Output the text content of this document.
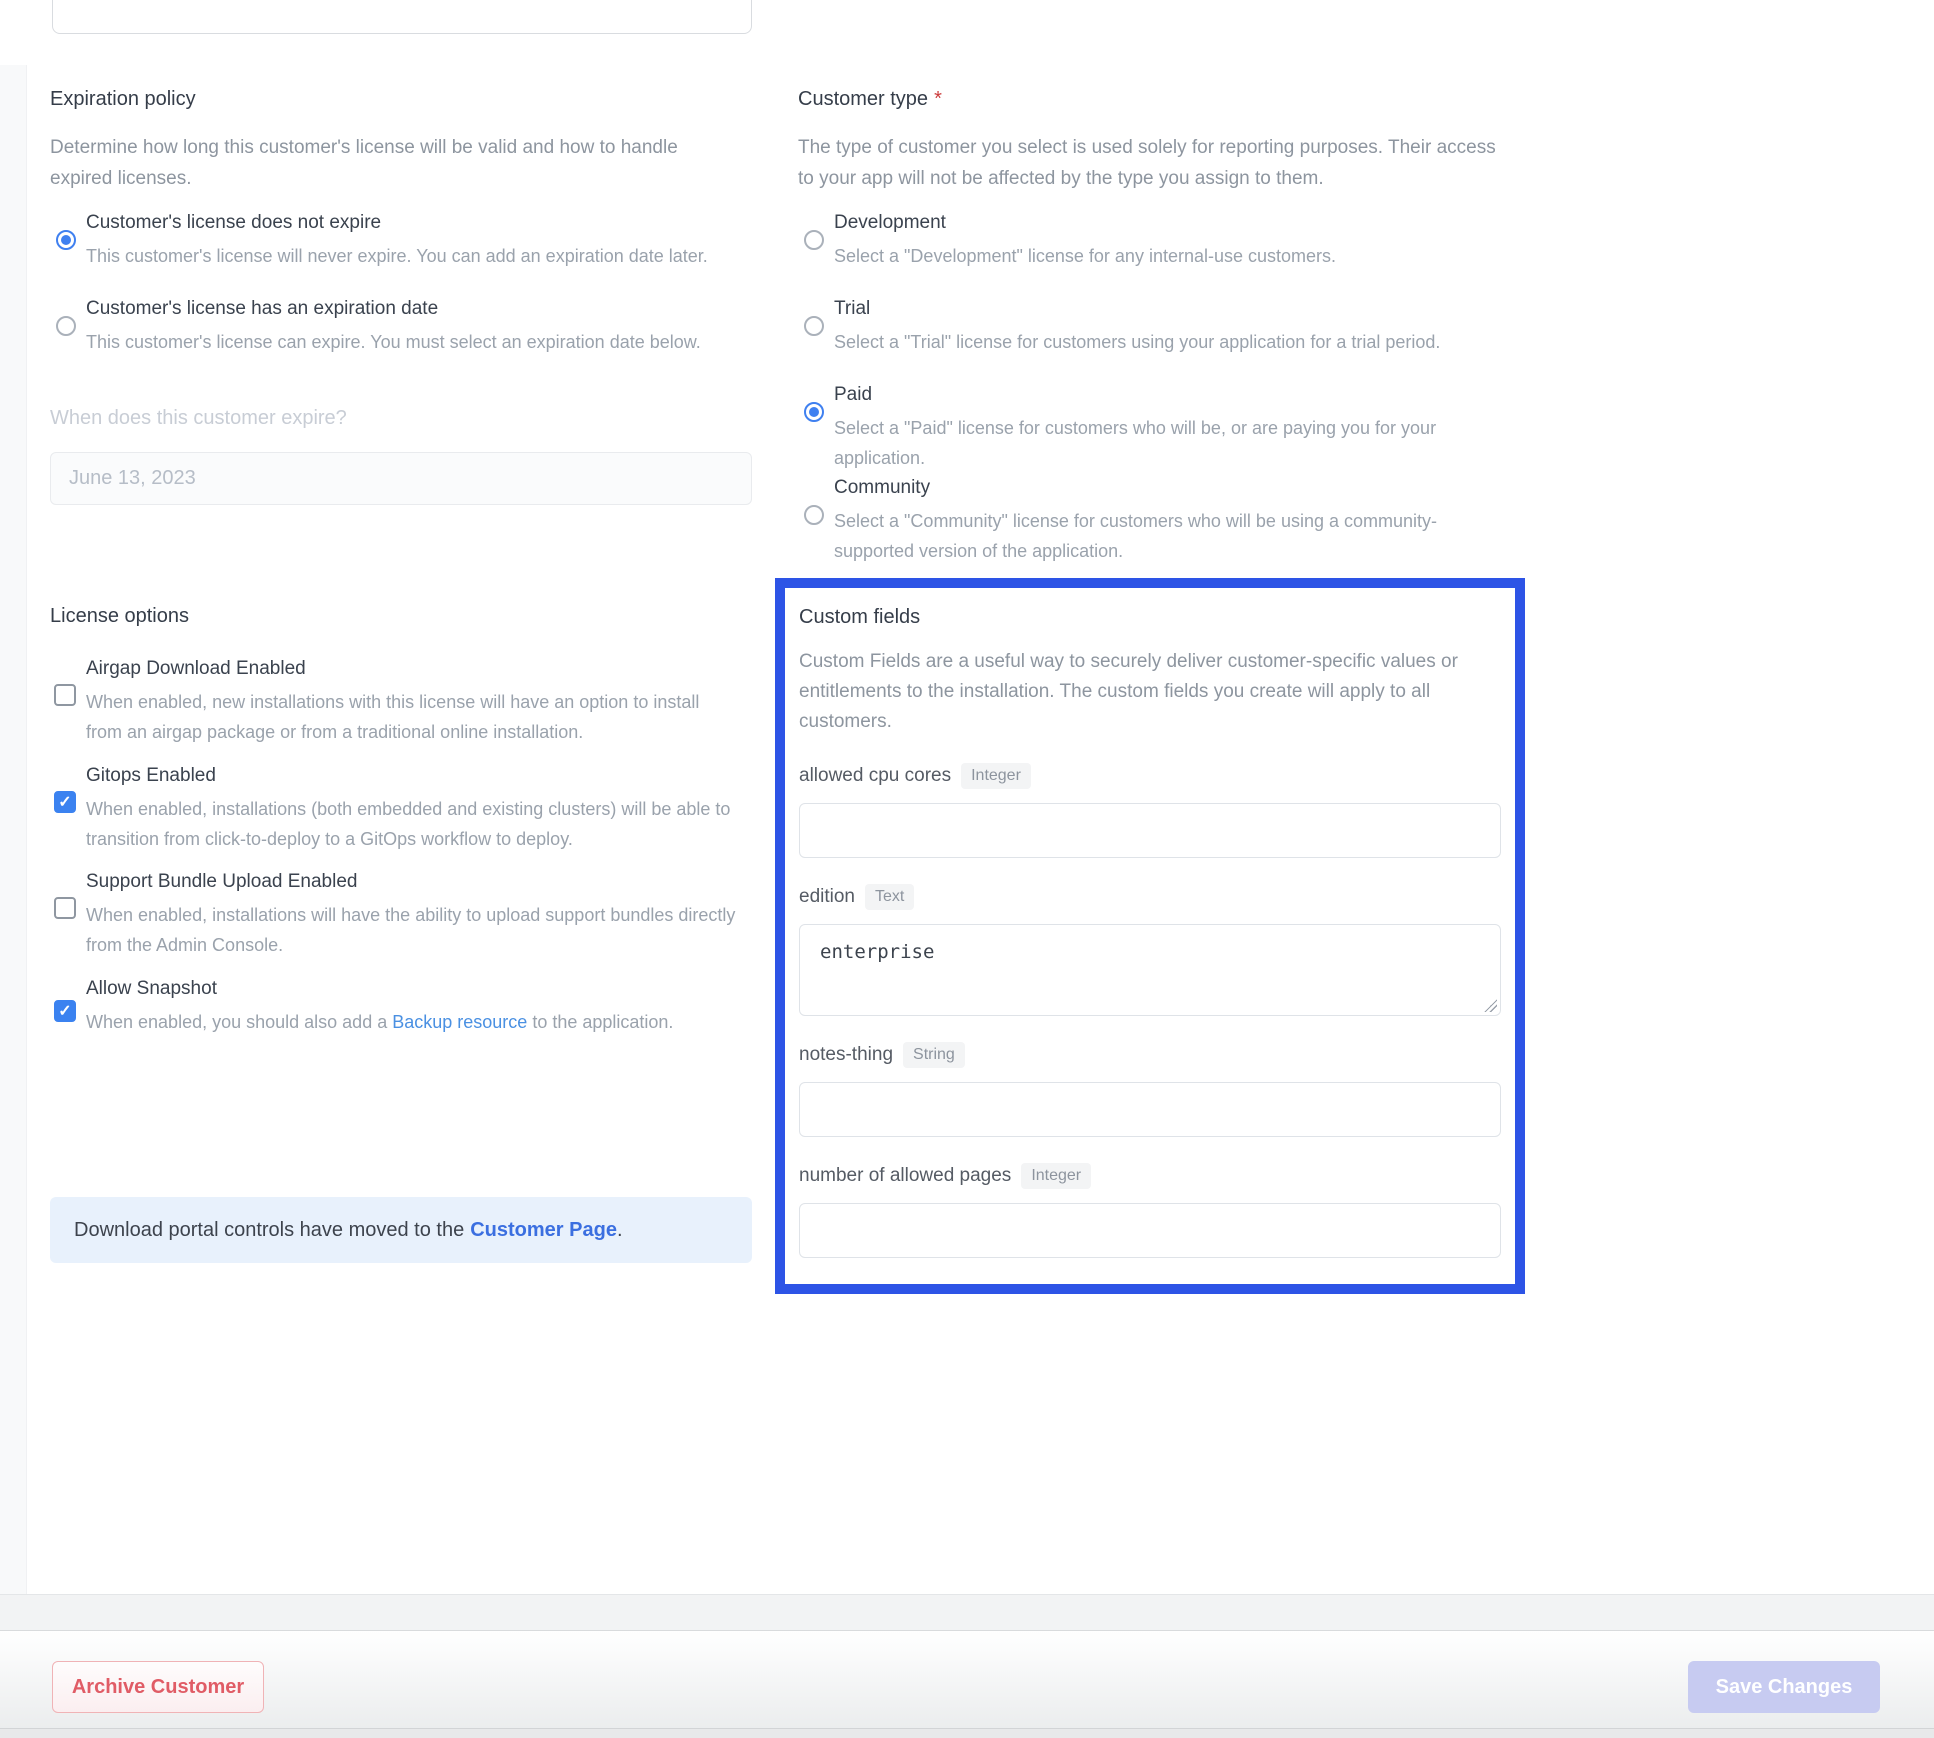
Expiration policy
Determine how long this customer's license will be valid and how to handle expired licenses.
Customer's license does not expire
This customer's license will never expire. You can add an expiration date later.
Customer's license has an expiration date
This customer's license can expire. You must select an expiration date below.
When does this customer expire?
June 13, 2023
License options
Airgap Download Enabled
When enabled, new installations with this license will have an option to install from an airgap package or from a traditional online installation.
✓
Gitops Enabled
When enabled, installations (both embedded and existing clusters) will be able to transition from click-to-deploy to a GitOps workflow to deploy.
Support Bundle Upload Enabled
When enabled, installations will have the ability to upload support bundles directly from the Admin Console.
✓
Allow Snapshot
When enabled, you should also add a Backup resource to the application.
Download portal controls have moved to the Customer Page .
Customer type *
The type of customer you select is used solely for reporting purposes. Their access to your app will not be affected by the type you assign to them.
Development
Select a "Development" license for any internal-use customers.
Trial
Select a "Trial" license for customers using your application for a trial period.
Paid
Select a "Paid" license for customers who will be, or are paying you for your application.
Community
Select a "Community" license for customers who will be using a community-supported version of the application.
Custom fields
Custom Fields are a useful way to securely deliver customer-specific values or entitlements to the installation. The custom fields you create will apply to all customers.
allowed cpu cores	Integer
edition	Text
enterprise
notes-thing	String
number of allowed pages	Integer
Archive Customer	Save Changes
